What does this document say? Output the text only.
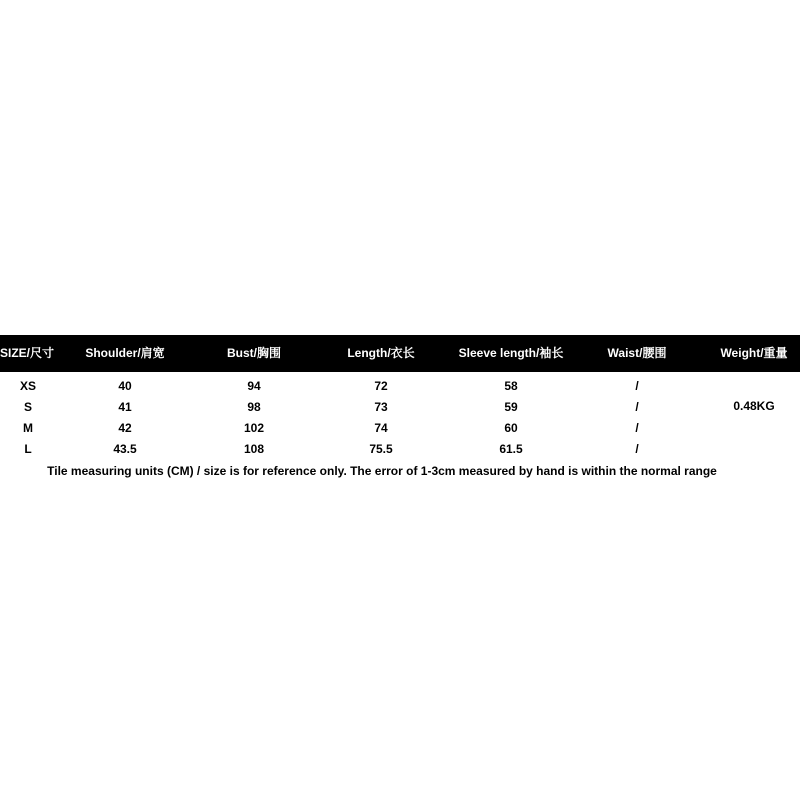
SIZE/尺寸	Shoulder/肩宽	Bust/胸围	Length/衣长	Sleeve length/袖长	Waist/腰围	Weight/重量
XS	40	94	72	58	/
S	41	98	73	59	/
M	42	102	74	60	/
L	43.5	108	75.5	61.5	/
0.48KG
Tile measuring units (CM) / size is for reference only. The error of 1-3cm measured by hand is within the normal range
